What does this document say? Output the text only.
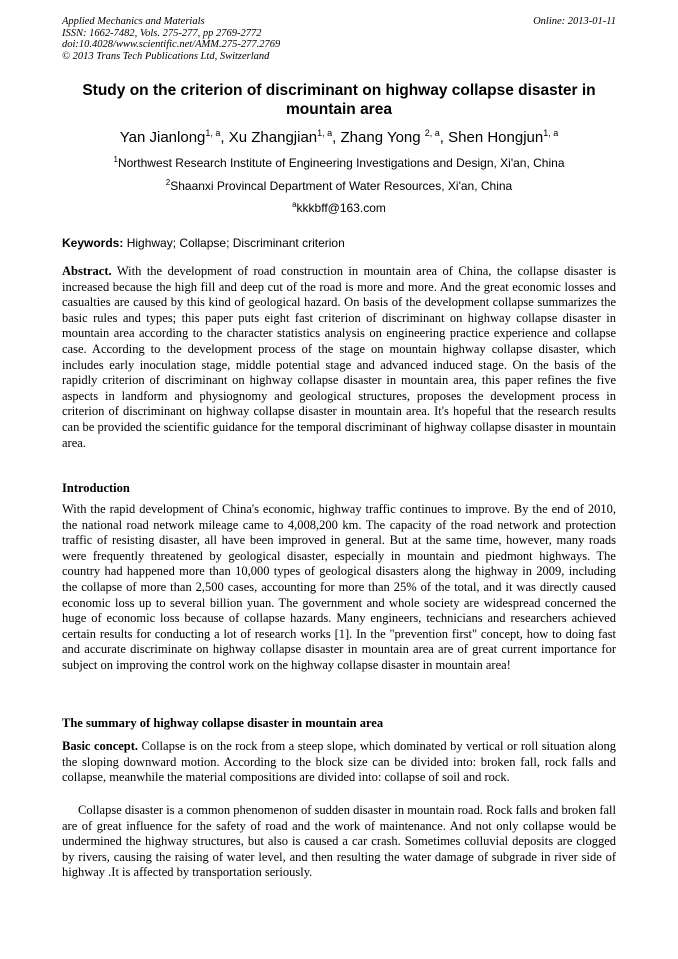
Applied Mechanics and Materials
ISSN: 1662-7482, Vols. 275-277, pp 2769-2772
doi:10.4028/www.scientific.net/AMM.275-277.2769
© 2013 Trans Tech Publications Ltd, Switzerland
Online: 2013-01-11
Study on the criterion of discriminant on highway collapse disaster in mountain area
Yan Jianlong$^{1, a}$, Xu Zhangjian$^{1, a}$, Zhang Yong $^{2, a}$, Shen Hongjun$^{1, a}$
$^1$Northwest Research Institute of Engineering Investigations and Design, Xi'an, China
$^2$Shaanxi Provincal Department of Water Resources, Xi'an, China
$^a$kkkbff@163.com
Keywords: Highway; Collapse; Discriminant criterion
Abstract. With the development of road construction in mountain area of China, the collapse disaster is increased because the high fill and deep cut of the road is more and more. And the great economic losses and casualties are caused by this kind of geological hazard. On basis of the development collapse summarizes the basic rules and types; this paper puts eight fast criterion of discriminant on highway collapse disaster in mountain area according to the character statistics analysis on engineering practice experience and collapse case. According to the development process of the stage on mountain highway collapse disaster, which includes early inoculation stage, middle potential stage and advanced induced stage. On the basis of the rapidly criterion of discriminant on highway collapse disaster in mountain area, this paper refines the five aspects in landform and physiognomy and geological structures, proposes the development process in criterion of discriminant on highway collapse disaster in mountain area. It's hopeful that the research results can be provided the scientific guidance for the temporal discriminant of highway collapse disaster in mountain area.
Introduction
With the rapid development of China's economic, highway traffic continues to improve. By the end of 2010, the national road network mileage came to 4,008,200 km. The capacity of the road network and protection traffic of resisting disaster, all have been improved in general. But at the same time, however, many roads were frequently threatened by geological disaster, especially in mountain and piedmont highways. The country had happened more than 10,000 types of geological disasters along the highway in 2009, including the collapse of more than 2,500 cases, accounting for more than 25% of the total, and it was directly caused economic loss up to several billion yuan. The government and whole society are widespread concerned the huge of economic loss because of collapse hazards. Many engineers, technicians and researchers achieved certain results for conducting a lot of research works [1]. In the "prevention first" concept, how to doing fast and accurate discriminate on highway collapse disaster in mountain area are of great current importance for subject on improving the control work on the highway collapse disaster in mountain area!
The summary of highway collapse disaster in mountain area
Basic concept. Collapse is on the rock from a steep slope, which dominated by vertical or roll situation along the sloping downward motion. According to the block size can be divided into: broken fall, rock falls and collapse, meanwhile the material compositions are divided into: collapse of soil and rock.
Collapse disaster is a common phenomenon of sudden disaster in mountain road. Rock falls and broken fall are of great influence for the safety of road and the work of maintenance. And not only collapse would be undermined the highway structures, but also is caused a car crash. Sometimes colluvial deposits are clogged by rivers, causing the raising of water level, and then resulting the water damage of subgrade in river side of highway .It is affected by transportation seriously.
